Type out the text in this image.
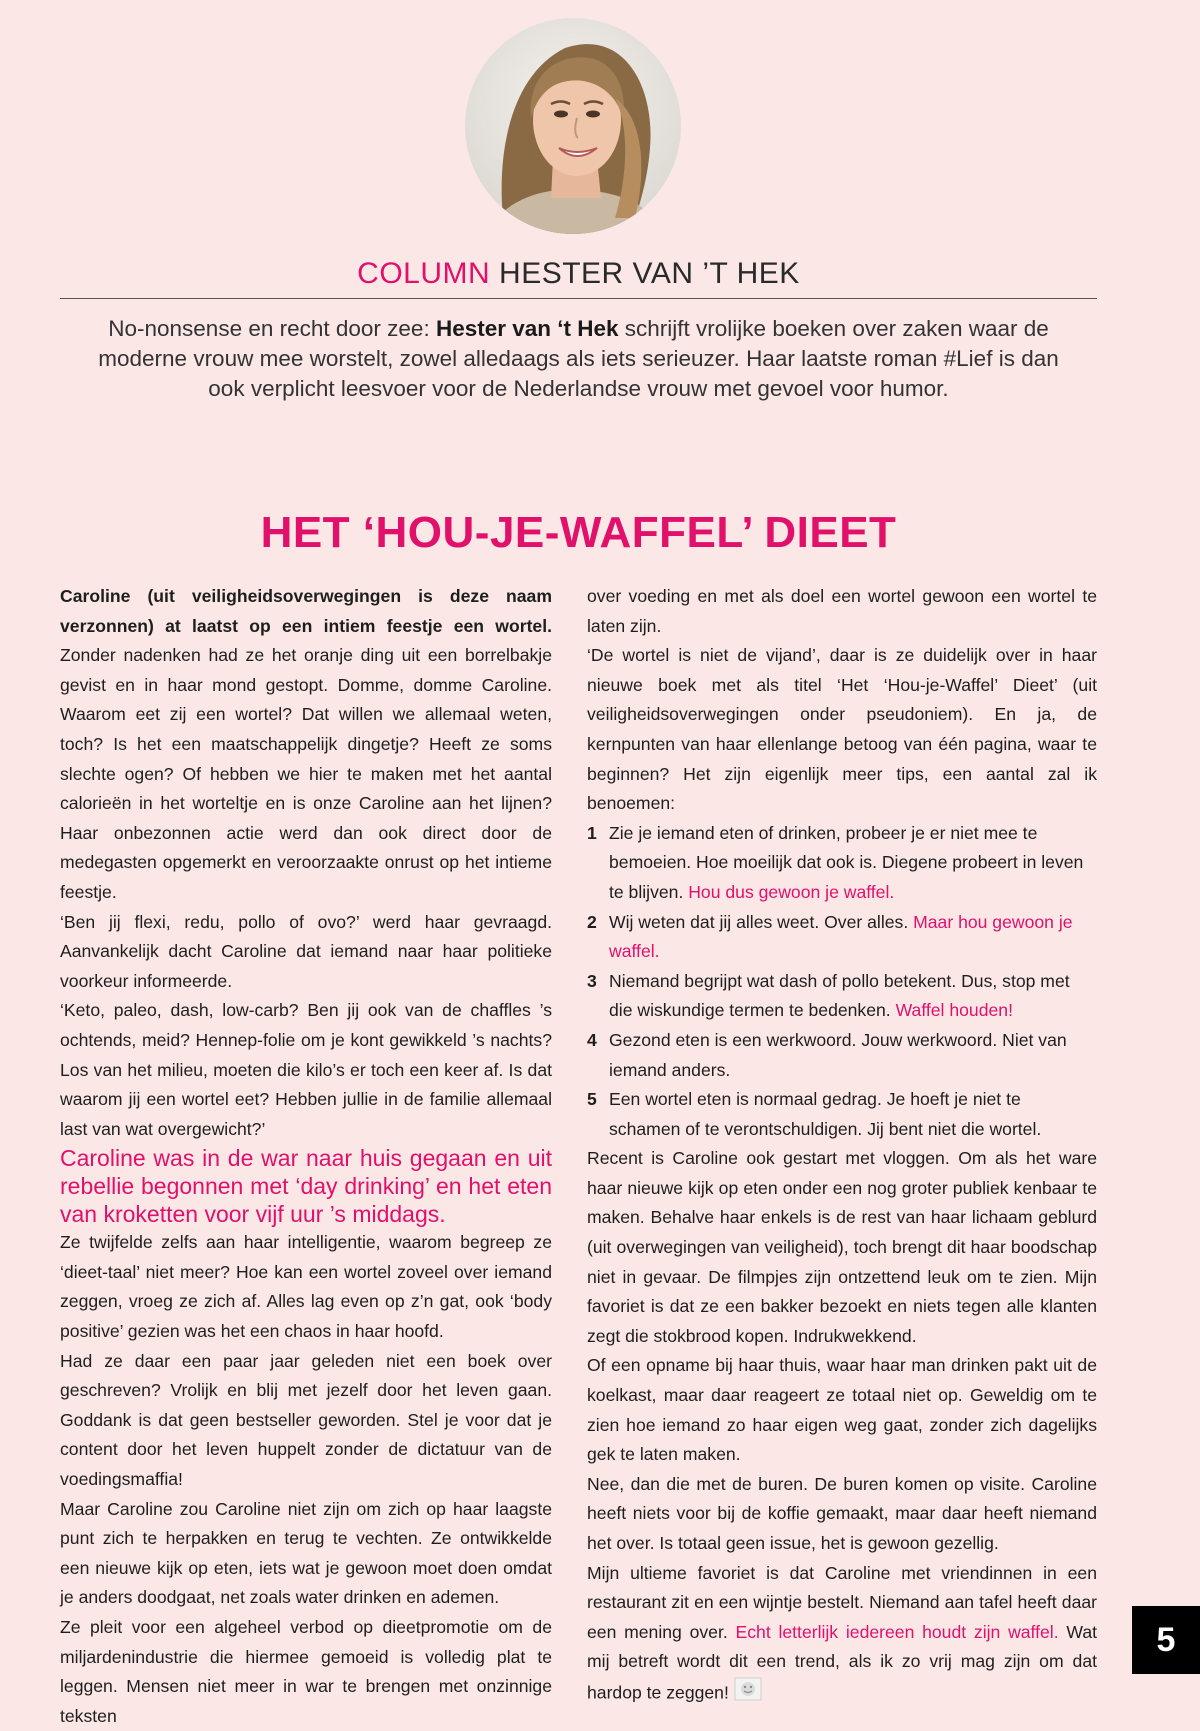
COLUMN HESTER VAN ’T HEK
No-nonsense en recht door zee: Hester van ‘t Hek schrijft vrolijke boeken over zaken waar de moderne vrouw mee worstelt, zowel alledaags als iets serieuzer. Haar laatste roman #Lief is dan ook verplicht leesvoer voor de Nederlandse vrouw met gevoel voor humor.
HET ‘HOU-JE-WAFFEL’ DIEET

Caroline (uit veiligheidsoverwegingen is deze naam verzonnen) at laatst op een intiem feestje een wortel. Zonder nadenken had ze het oranje ding uit een borrelbakje gevist en in haar mond gestopt. Domme, domme Caroline. Waarom eet zij een wortel? Dat willen we allemaal weten, toch? Is het een maatschappelijk dingetje? Heeft ze soms slechte ogen? Of hebben we hier te maken met het aantal calorieën in het worteltje en is onze Caroline aan het lijnen? Haar onbezonnen actie werd dan ook direct door de medegasten opgemerkt en veroorzaakte onrust op het intieme feestje.

‘Ben jij flexi, redu, pollo of ovo?’ werd haar gevraagd. Aanvankelijk dacht Caroline dat iemand naar haar politieke voorkeur informeerde.

‘Keto, paleo, dash, low-carb? Ben jij ook van de chaffles ’s ochtends, meid? Hennep-folie om je kont gewikkeld ’s nachts? Los van het milieu, moeten die kilo’s er toch een keer af. Is dat waarom jij een wortel eet? Hebben jullie in de familie allemaal last van wat overgewicht?’

Caroline was in de war naar huis gegaan en uit rebellie begonnen met ‘day drinking’ en het eten van kroketten voor vijf uur ’s middags.

Ze twijfelde zelfs aan haar intelligentie, waarom begreep ze ‘dieet-taal’ niet meer? Hoe kan een wortel zoveel over iemand zeggen, vroeg ze zich af. Alles lag even op z’n gat, ook ‘body positive’ gezien was het een chaos in haar hoofd.

Had ze daar een paar jaar geleden niet een boek over geschreven? Vrolijk en blij met jezelf door het leven gaan. Goddank is dat geen bestseller geworden. Stel je voor dat je content door het leven huppelt zonder de dictatuur van de voedingsmaffia!

Maar Caroline zou Caroline niet zijn om zich op haar laagste punt zich te herpakken en terug te vechten. Ze ontwikkelde een nieuwe kijk op eten, iets wat je gewoon moet doen omdat je anders doodgaat, net zoals water drinken en ademen.

Ze pleit voor een algeheel verbod op dieetpromotie om de miljardenindustrie die hiermee gemoeid is volledig plat te leggen. Mensen niet meer in war te brengen met onzinnige teksten

over voeding en met als doel een wortel gewoon een wortel te laten zijn.

‘De wortel is niet de vijand’, daar is ze duidelijk over in haar nieuwe boek met als titel ‘Het ‘Hou-je-Waffel’ Dieet’ (uit veiligheidsoverwegingen onder pseudoniem). En ja, de kernpunten van haar ellenlange betoog van één pagina, waar te beginnen? Het zijn eigenlijk meer tips, een aantal zal ik benoemen:

1 Zie je iemand eten of drinken, probeer je er niet mee te bemoeien. Hoe moeilijk dat ook is. Diegene probeert in leven te blijven. Hou dus gewoon je waffel.
2 Wij weten dat jij alles weet. Over alles. Maar hou gewoon je waffel.
3 Niemand begrijpt wat dash of pollo betekent. Dus, stop met die wiskundige termen te bedenken. Waffel houden!
4 Gezond eten is een werkwoord. Jouw werkwoord. Niet van iemand anders.
5 Een wortel eten is normaal gedrag. Je hoeft je niet te schamen of te verontschuldigen. Jij bent niet die wortel.

Recent is Caroline ook gestart met vloggen. Om als het ware haar nieuwe kijk op eten onder een nog groter publiek kenbaar te maken. Behalve haar enkels is de rest van haar lichaam geblurd (uit overwegingen van veiligheid), toch brengt dit haar boodschap niet in gevaar. De filmpjes zijn ontzettend leuk om te zien. Mijn favoriet is dat ze een bakker bezoekt en niets tegen alle klanten zegt die stokbrood kopen. Indrukwekkend.

Of een opname bij haar thuis, waar haar man drinken pakt uit de koelkast, maar daar reageert ze totaal niet op. Geweldig om te zien hoe iemand zo haar eigen weg gaat, zonder zich dagelijks gek te laten maken.

Nee, dan die met de buren. De buren komen op visite. Caroline heeft niets voor bij de koffie gemaakt, maar daar heeft niemand het over. Is totaal geen issue, het is gewoon gezellig.

Mijn ultieme favoriet is dat Caroline met vriendinnen in een restaurant zit en een wijntje bestelt. Niemand aan tafel heeft daar een mening over. Echt letterlijk iedereen houdt zijn waffel. Wat mij betreft wordt dit een trend, als ik zo vrij mag zijn om dat hardop te zeggen!

5
